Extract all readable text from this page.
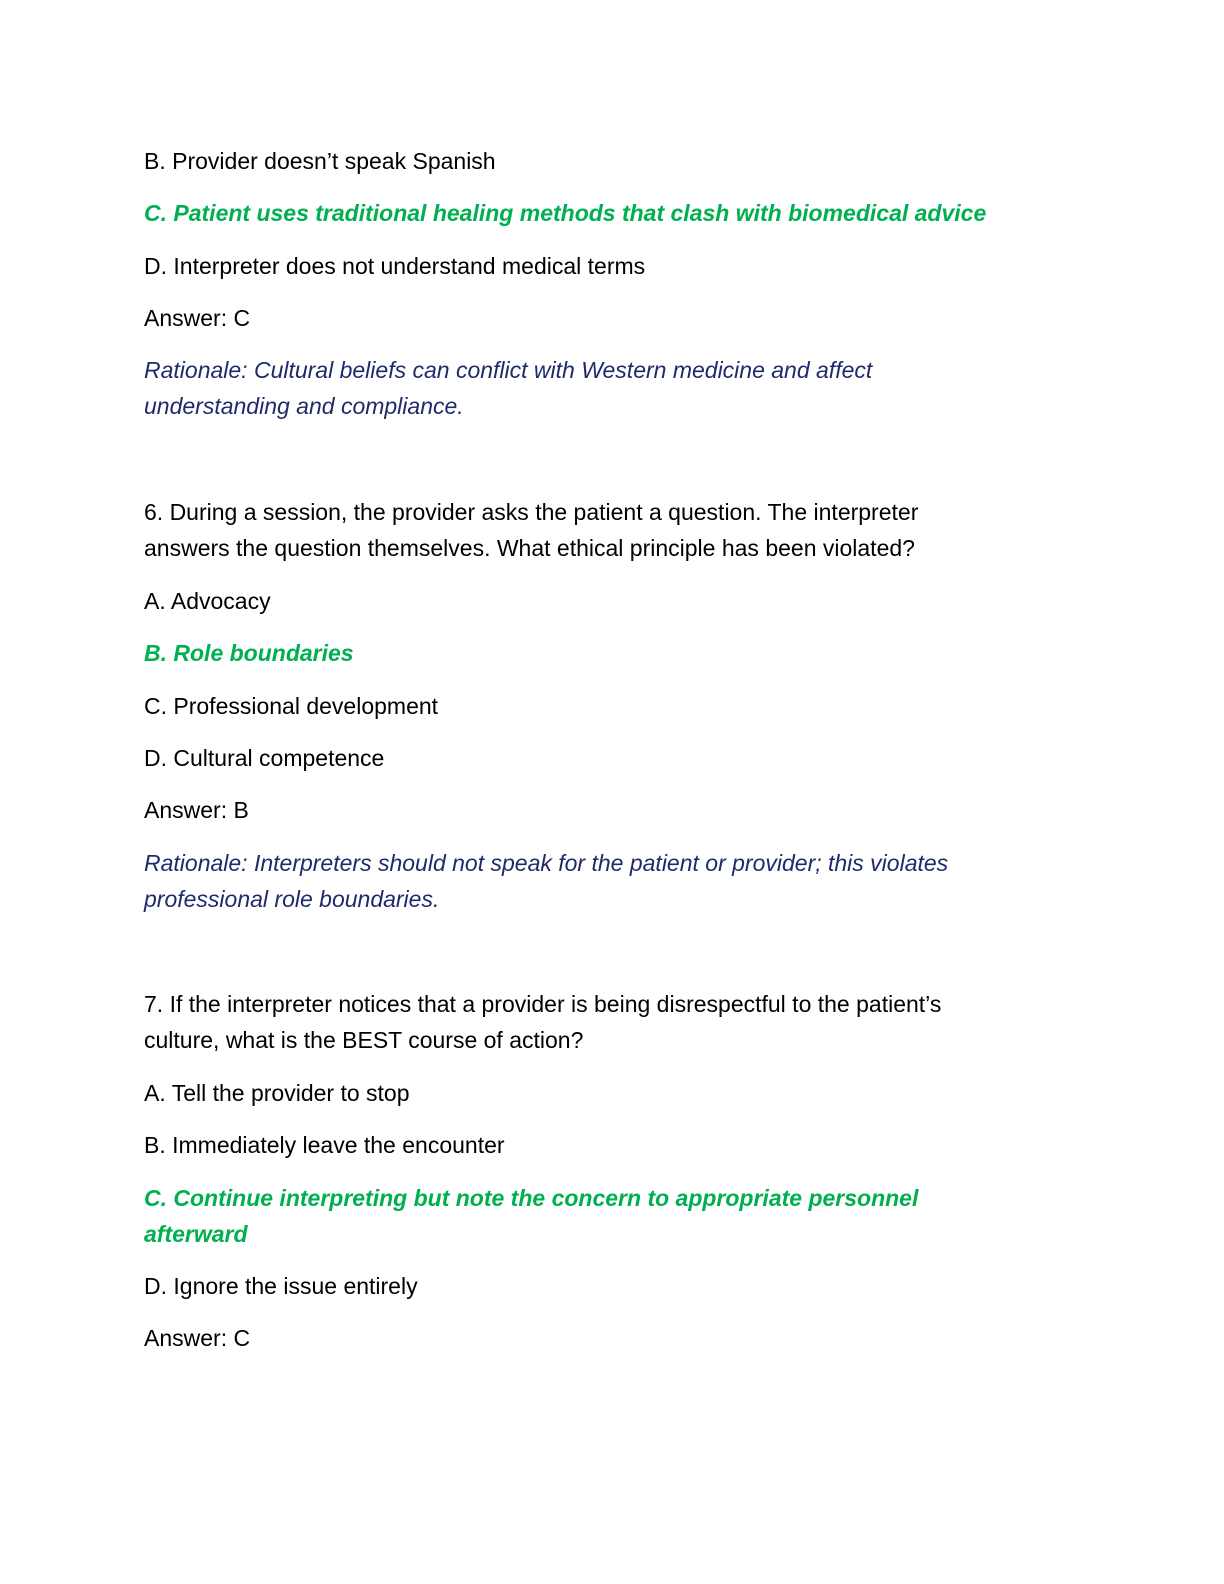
B. Provider doesn’t speak Spanish
C. Patient uses traditional healing methods that clash with biomedical advice
D. Interpreter does not understand medical terms
Answer: C
Rationale: Cultural beliefs can conflict with Western medicine and affect
understanding and compliance.
6. During a session, the provider asks the patient a question. The interpreter
answers the question themselves. What ethical principle has been violated?
A. Advocacy
B. Role boundaries
C. Professional development
D. Cultural competence
Answer: B
Rationale: Interpreters should not speak for the patient or provider; this violates
professional role boundaries.
7. If the interpreter notices that a provider is being disrespectful to the patient’s
culture, what is the BEST course of action?
A. Tell the provider to stop
B. Immediately leave the encounter
C. Continue interpreting but note the concern to appropriate personnel
afterward
D. Ignore the issue entirely
Answer: C
